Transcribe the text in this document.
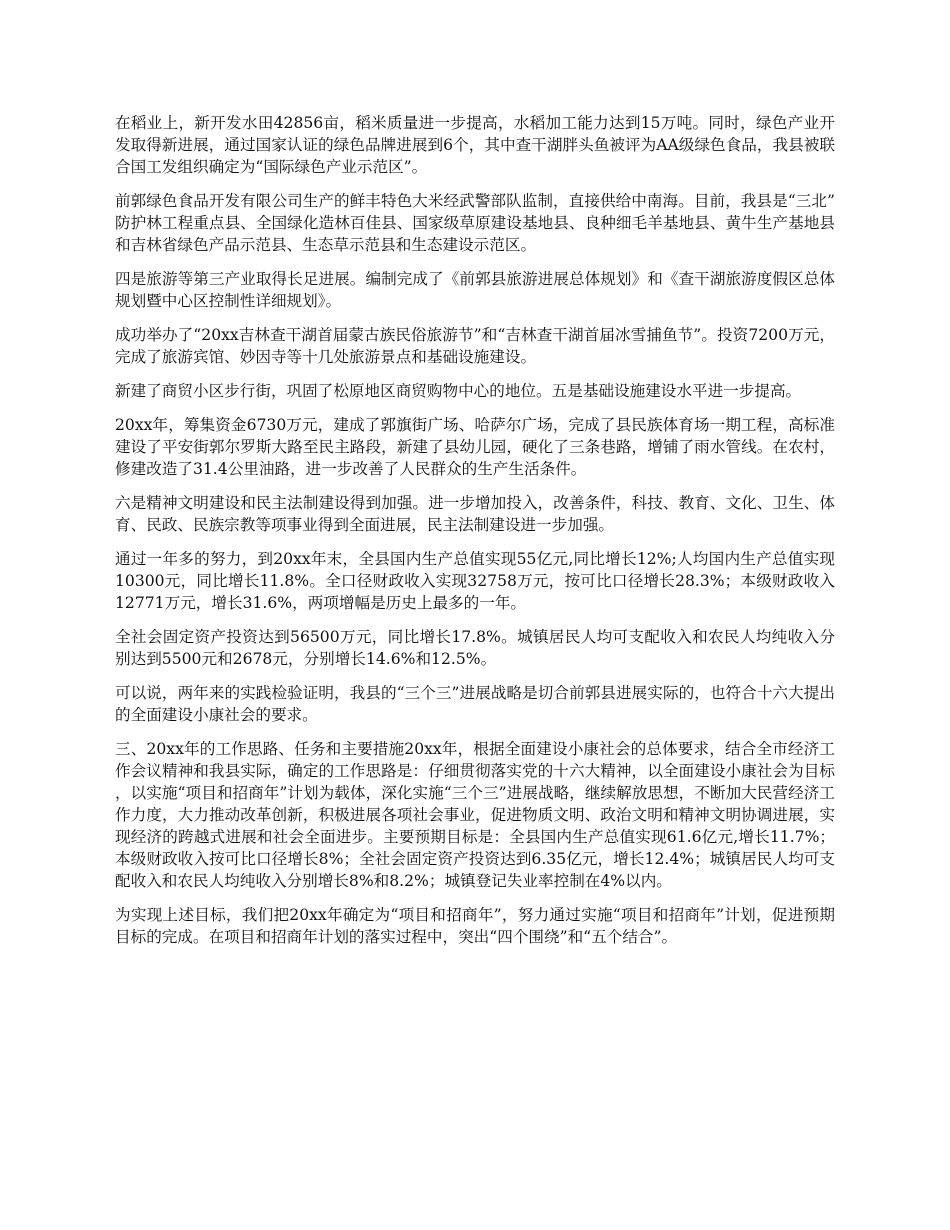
在稻业上，新开发水田42856亩，稻米质量进一步提高，水稻加工能力达到15万吨。同时，绿色产业开发取得新进展，通过国家认证的绿色品牌进展到6个，其中查干湖胖头鱼被评为AA级绿色食品，我县被联合国工发组织确定为“国际绿色产业示范区”。

前郭绿色食品开发有限公司生产的鲜丰特色大米经武警部队监制，直接供给中南海。目前，我县是“三北”防护林工程重点县、全国绿化造林百佳县、国家级草原建设基地县、良种细毛羊基地县、黄牛生产基地县和吉林省绿色产品示范县、生态草示范县和生态建设示范区。

四是旅游等第三产业取得长足进展。编制完成了《前郭县旅游进展总体规划》和《查干湖旅游度假区总体规划暨中心区控制性详细规划》。

成功举办了“20xx吉林查干湖首届蒙古族民俗旅游节”和“吉林查干湖首届冰雪捕鱼节”。投资7200万元，完成了旅游宾馆、妙因寺等十几处旅游景点和基础设施建设。

新建了商贸小区步行街，巩固了松原地区商贸购物中心的地位。五是基础设施建设水平进一步提高。

20xx年，筹集资金6730万元，建成了郭旗街广场、哈萨尔广场，完成了县民族体育场一期工程，高标准建设了平安街郭尔罗斯大路至民主路段，新建了县幼儿园，硬化了三条巷路，增铺了雨水管线。在农村，修建改造了31.4公里油路，进一步改善了人民群众的生产生活条件。

六是精神文明建设和民主法制建设得到加强。进一步增加投入，改善条件，科技、教育、文化、卫生、体育、民政、民族宗教等项事业得到全面进展，民主法制建设进一步加强。

通过一年多的努力，到20xx年末，全县国内生产总值实现55亿元,同比增长12%;人均国内生产总值实现10300元，同比增长11.8%。全口径财政收入实现32758万元，按可比口径增长28.3%；本级财政收入12771万元，增长31.6%，两项增幅是历史上最多的一年。

全社会固定资产投资达到56500万元，同比增长17.8%。城镇居民人均可支配收入和农民人均纯收入分别达到5500元和2678元，分别增长14.6%和12.5%。

可以说，两年来的实践检验证明，我县的“三个三”进展战略是切合前郭县进展实际的，也符合十六大提出的全面建设小康社会的要求。

三、20xx年的工作思路、任务和主要措施20xx年，根据全面建设小康社会的总体要求，结合全市经济工作会议精神和我县实际，确定的工作思路是：仔细贯彻落实党的十六大精神，以全面建设小康社会为目标，以实施“项目和招商年”计划为载体，深化实施“三个三”进展战略，继续解放思想，不断加大民营经济工作力度，大力推动改革创新，积极进展各项社会事业，促进物质文明、政治文明和精神文明协调进展，实现经济的跨越式进展和社会全面进步。主要预期目标是：全县国内生产总值实现61.6亿元,增长11.7%；本级财政收入按可比口径增长8%；全社会固定资产投资达到6.35亿元，增长12.4%；城镇居民人均可支配收入和农民人均纯收入分别增长8%和8.2%；城镇登记失业率控制在4%以内。

为实现上述目标，我们把20xx年确定为“项目和招商年”，努力通过实施“项目和招商年”计划，促进预期目标的完成。在项目和招商年计划的落实过程中，突出“四个围绕”和“五个结合”。
